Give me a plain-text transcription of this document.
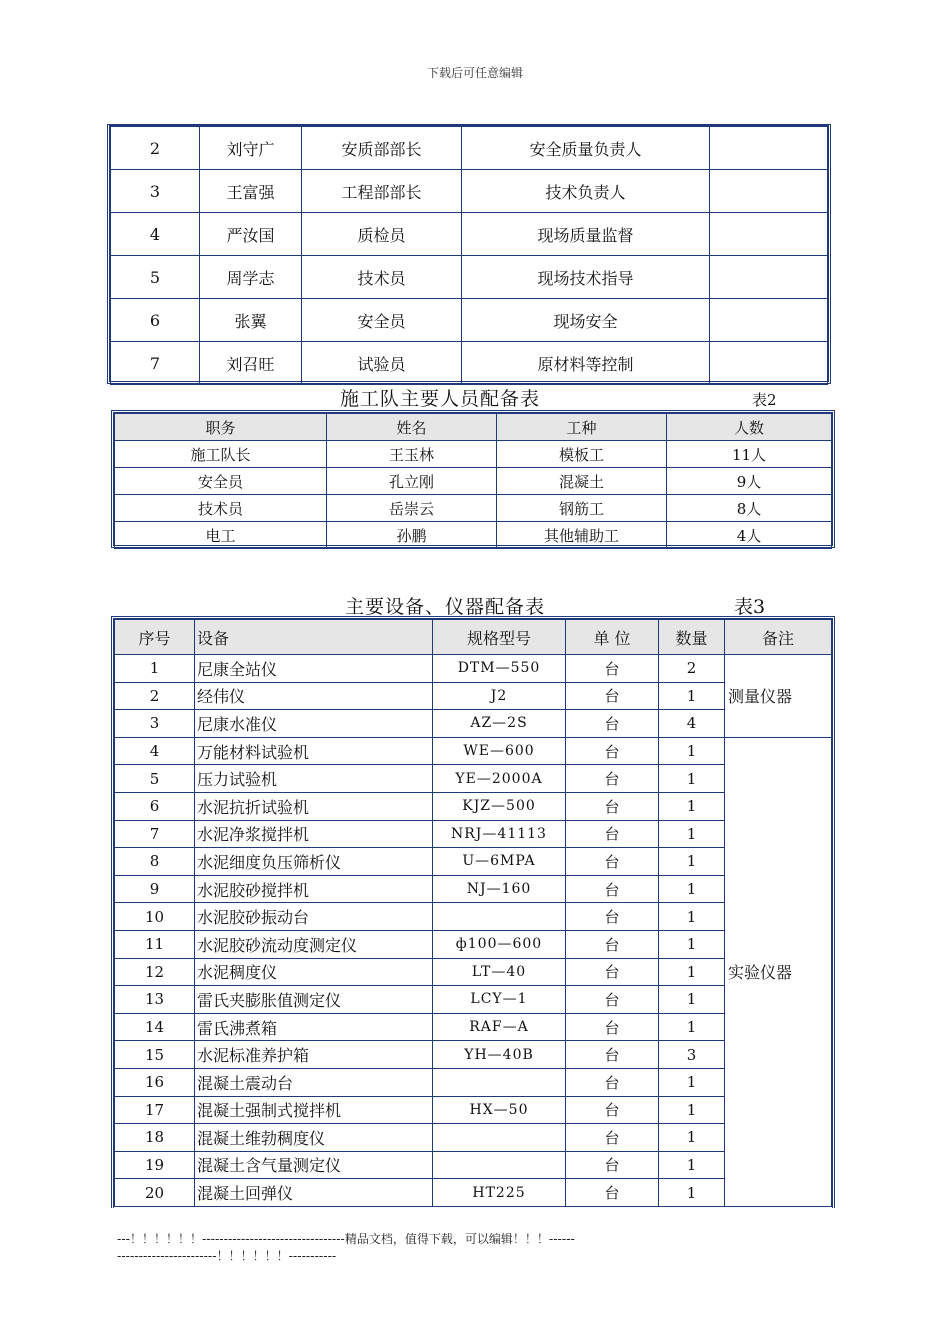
下载后可任意编辑
2	刘守广	安质部部长	安全质量负责人	
3	王富强	工程部部长	技术负责人	
4	严汝国	质检员	现场质量监督	
5	周学志	技术员	现场技术指导	
6	张翼	安全员	现场安全	
7	刘召旺	试验员	原材料等控制	
施工队主要人员配备表	表2
职务	姓名	工种	人数
施工队长	王玉林	模板工	11人
安全员	孔立刚	混凝土	9人
技术员	岳崇云	钢筋工	8人
电工	孙鹏	其他辅助工	4人
主要设备、仪器配备表	表3
序号	设备	规格型号	单 位	数量	备注
1	尼康全站仪	DTM—550	台	2	测量仪器
2	经伟仪	J2	台	1	
3	尼康水准仪	AZ—2S	台	4	
4	万能材料试验机	WE—600	台	1	实验仪器
5	压力试验机	YE—2000A	台	1	
6	水泥抗折试验机	KJZ—500	台	1	
7	水泥净浆搅拌机	NRJ—41113	台	1	
8	水泥细度负压筛析仪	U—6MPA	台	1	
9	水泥胶砂搅拌机	NJ—160	台	1	
10	水泥胶砂振动台		台	1	
11	水泥胶砂流动度测定仪	ф100—600	台	1	
12	水泥稠度仪	LT—40	台	1	
13	雷氏夹膨胀值测定仪	LCY—1	台	1	
14	雷氏沸煮箱	RAF—A	台	1	
15	水泥标准养护箱	YH—40B	台	3	
16	混凝土震动台		台	1	
17	混凝土强制式搅拌机	HX—50	台	1	
18	混凝土维勃稠度仪		台	1	
19	混凝土含气量测定仪		台	1	
20	混凝土回弹仪	HT225	台	1	
---！！！！！！---------------------------------精品文档，值得下载，可以编辑！！！-----------------------------！！！！！！-----------
